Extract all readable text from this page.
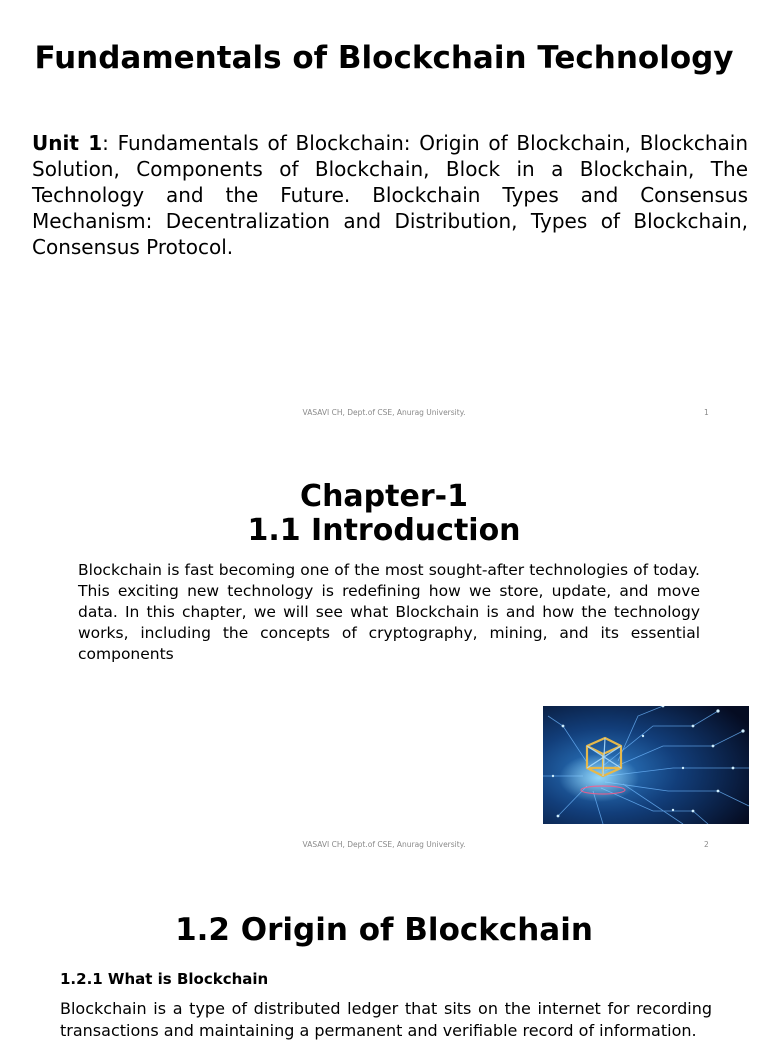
Fundamentals of Blockchain Technology
Unit 1: Fundamentals of Blockchain: Origin of Blockchain, Blockchain Solution, Components of Blockchain, Block in a Blockchain, The Technology and the Future. Blockchain Types and Consensus Mechanism: Decentralization and Distribution, Types of Blockchain, Consensus Protocol.
VASAVI CH, Dept.of CSE, Anurag University.	1
Chapter-1
1.1 Introduction
Blockchain is fast becoming one of the most sought-after technologies of today. This exciting new technology is redefining how we store, update, and move data. In this chapter, we will see what Blockchain is and how the technology works, including the concepts of cryptography, mining, and its essential components
VASAVI CH, Dept.of CSE, Anurag University.	2
1.2 Origin of Blockchain
1.2.1 What is Blockchain
Blockchain is a type of distributed ledger that sits on the internet for recording transactions and maintaining a permanent and verifiable record of information.
